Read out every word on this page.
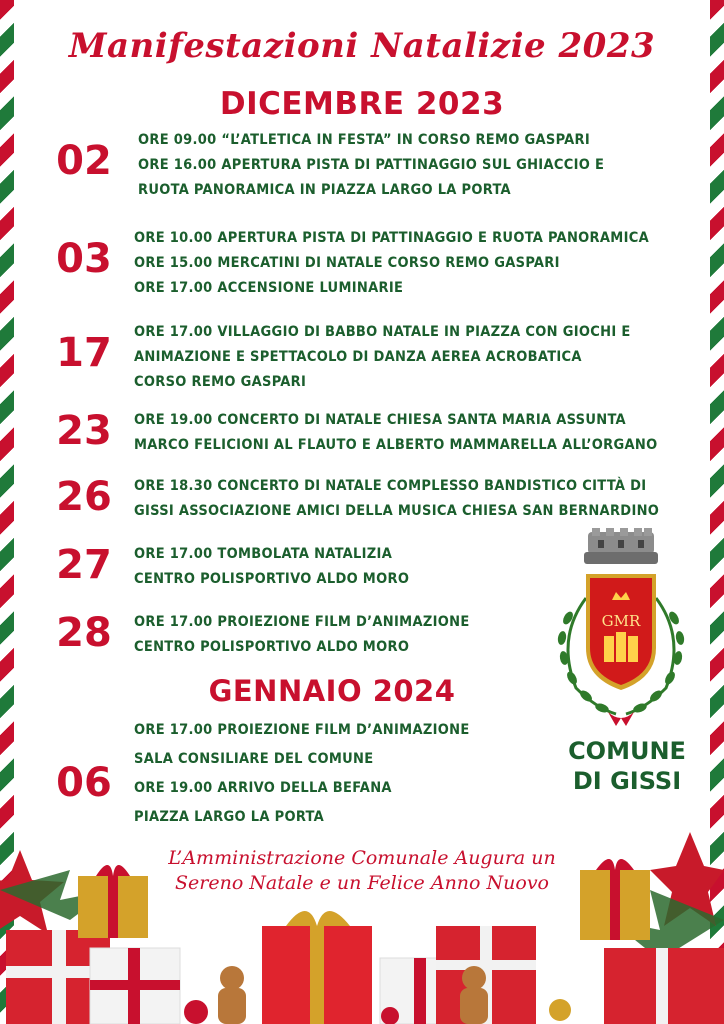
Manifestazioni Natalizie 2023
DICEMBRE 2023
02	ORE 09.00 “L’ATLETICA IN FESTA” IN CORSO REMO GASPARI
ORE 16.00 APERTURA PISTA DI PATTINAGGIO SUL GHIACCIO E
RUOTA PANORAMICA IN PIAZZA LARGO LA PORTA
03	ORE 10.00 APERTURA PISTA DI PATTINAGGIO E RUOTA PANORAMICA
ORE 15.00 MERCATINI DI NATALE CORSO REMO GASPARI
ORE 17.00 ACCENSIONE LUMINARIE
17	ORE 17.00 VILLAGGIO DI BABBO NATALE IN PIAZZA CON GIOCHI E
ANIMAZIONE E SPETTACOLO DI DANZA AEREA ACROBATICA
CORSO REMO GASPARI
23	ORE 19.00 CONCERTO DI NATALE CHIESA SANTA MARIA ASSUNTA
MARCO FELICIONI AL FLAUTO E ALBERTO MAMMARELLA ALL’ORGANO
26	ORE 18.30 CONCERTO DI NATALE COMPLESSO BANDISTICO CITTÀ DI
GISSI ASSOCIAZIONE AMICI DELLA MUSICA CHIESA SAN BERNARDINO
27	ORE 17.00 TOMBOLATA NATALIZIA
CENTRO POLISPORTIVO ALDO MORO
28	ORE 17.00 PROIEZIONE FILM D’ANIMAZIONE
CENTRO POLISPORTIVO ALDO MORO
GENNAIO 2024
06
ORE 17.00 PROIEZIONE FILM D’ANIMAZIONE
SALA CONSILIARE DEL COMUNE
ORE 19.00 ARRIVO DELLA BEFANA
PIAZZA LARGO LA PORTA
GMR
COMUNE
DI GISSI
L’Amministrazione Comunale Augura un
Sereno Natale e un Felice Anno Nuovo
